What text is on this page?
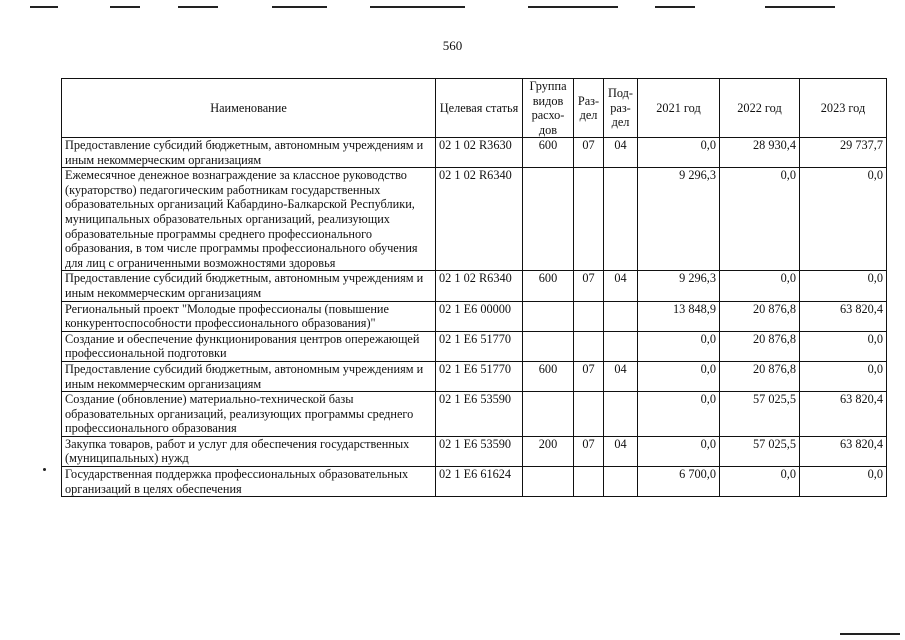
560
Наименование	Целевая статья	Группа видов расхо-дов	Раз-дел	Под-раз-дел	2021 год	2022 год	2023 год
Предоставление субсидий бюджетным, автономным учреждениям и иным некоммерческим организациям	02 1 02 R3630	600	07	04	0,0	28 930,4	29 737,7
Ежемесячное денежное вознаграждение за классное руководство (кураторство) педагогическим работникам государственных образовательных организаций Кабардино-Балкарской Республики, муниципальных образовательных организаций, реализующих образовательные программы среднего профессионального образования, в том числе программы профессионального обучения для лиц с ограниченными возможностями здоровья	02 1 02 R6340				9 296,3	0,0	0,0
Предоставление субсидий бюджетным, автономным учреждениям и иным некоммерческим организациям	02 1 02 R6340	600	07	04	9 296,3	0,0	0,0
Региональный проект "Молодые профессионалы (повышение конкурентоспособности профессионального образования)"	02 1 E6 00000				13 848,9	20 876,8	63 820,4
Создание и обеспечение функционирования центров опережающей профессиональной подготовки	02 1 E6 51770				0,0	20 876,8	0,0
Предоставление субсидий бюджетным, автономным учреждениям и иным некоммерческим организациям	02 1 E6 51770	600	07	04	0,0	20 876,8	0,0
Создание (обновление) материально-технической базы образовательных организаций, реализующих программы среднего профессионального образования	02 1 E6 53590				0,0	57 025,5	63 820,4
Закупка товаров, работ и услуг для обеспечения государственных (муниципальных) нужд	02 1 E6 53590	200	07	04	0,0	57 025,5	63 820,4
Государственная поддержка профессиональных образовательных организаций в целях обеспечения	02 1 E6 61624				6 700,0	0,0	0,0
